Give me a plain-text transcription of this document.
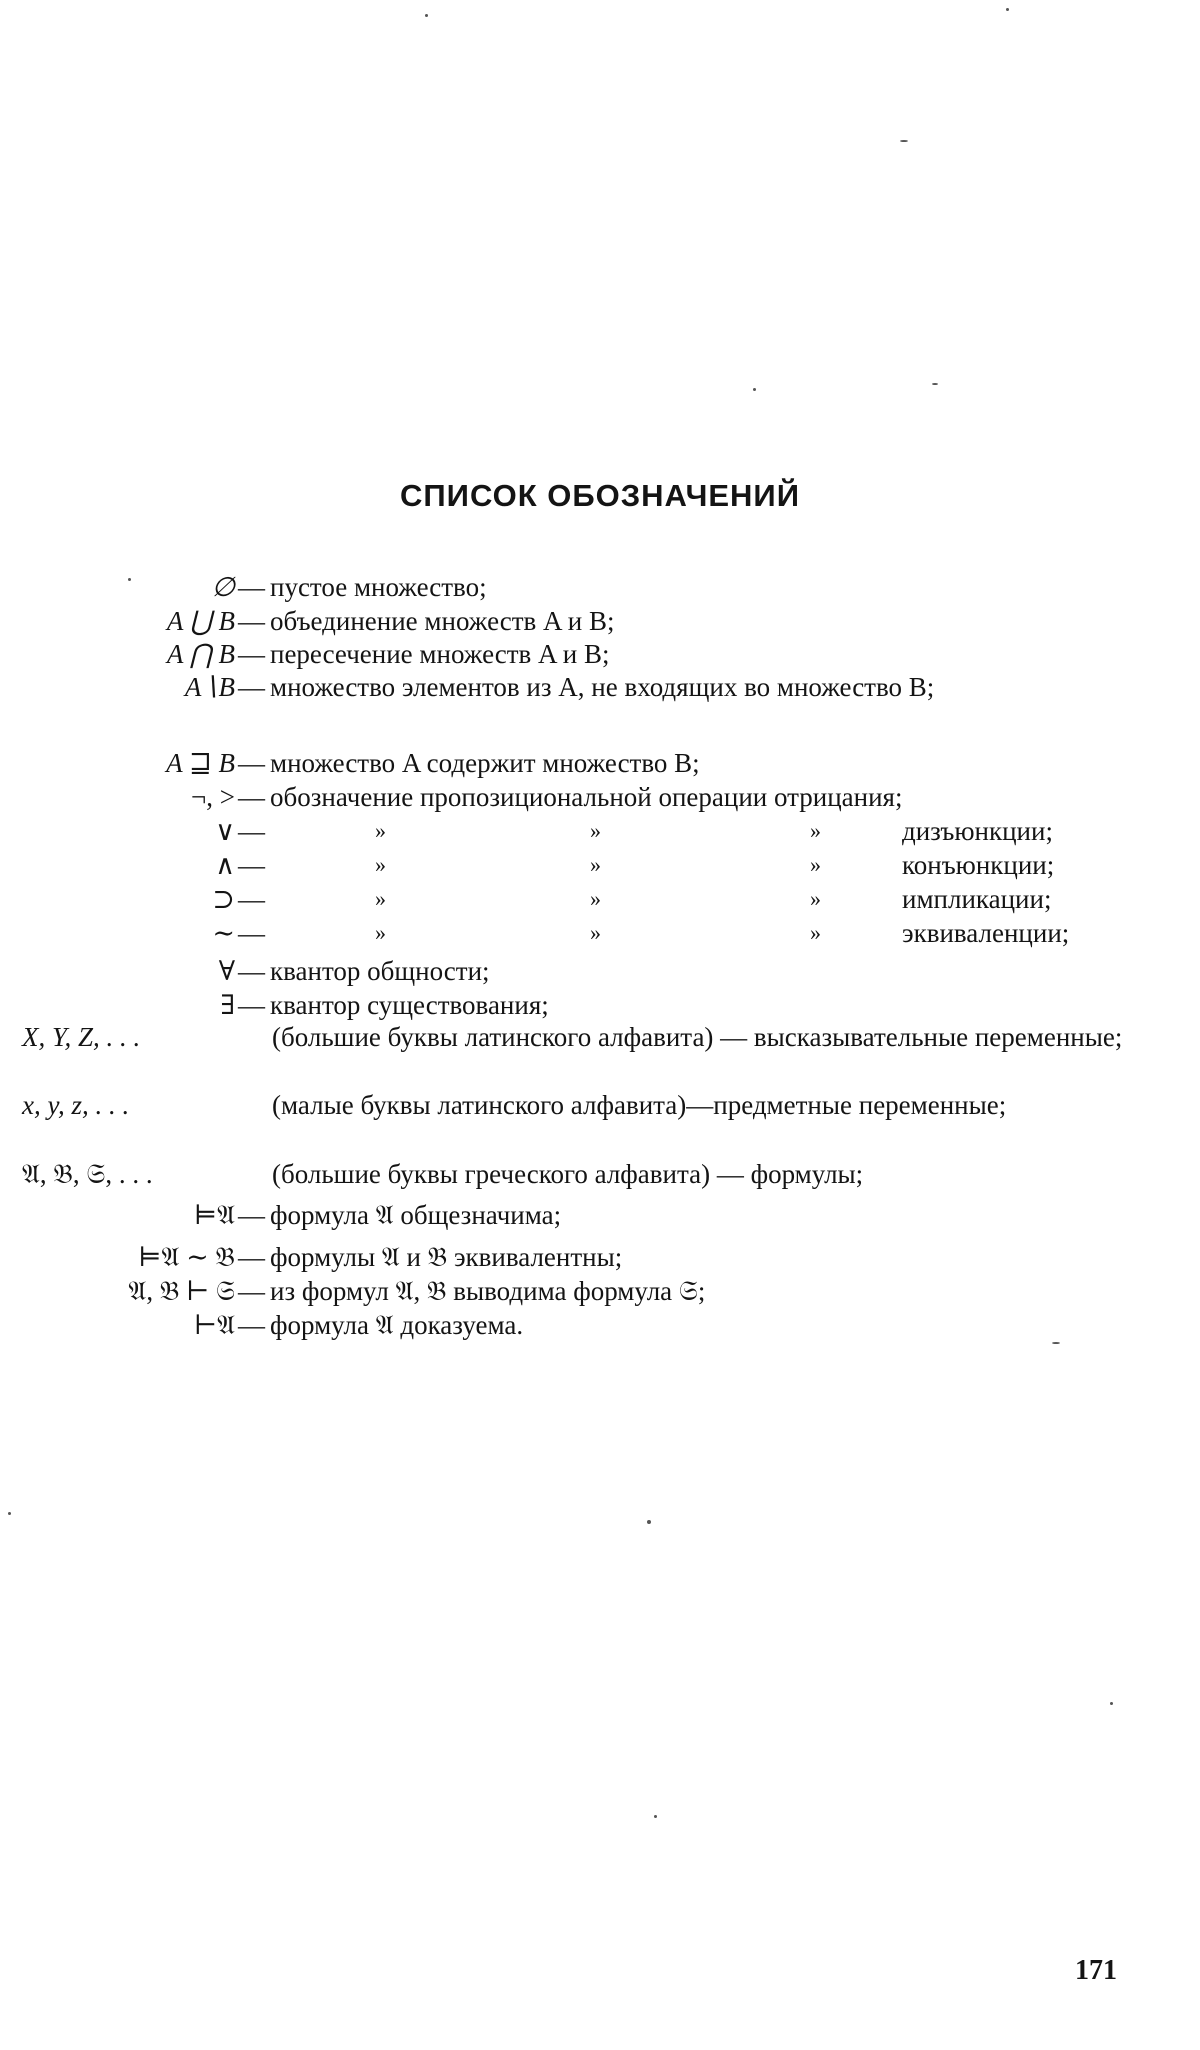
СПИСОК ОБОЗНАЧЕНИЙ
∅ — пустое множество;
A ⋃ B — объединение множеств A и B;
A ⋂ B — пересечение множеств A и B;
A∖B — множество элементов из A, не входящих во множество B;
A ⊒ B — множество A содержит множество B;
¬, > — обозначение пропозициональной операции отрицания;
∨ —	»	»	»	дизъюнкции;
∧ —	»	»	»	конъюнкции;
⊃ —	»	»	»	импликации;
∼ —	»	»	»	эквиваленции;
∀ — квантор общности;
∃ — квантор существования;
X, Y, Z, . . .	(большие буквы латинского алфавита) — высказывательные переменные;
x, y, z, . . .	(малые буквы латинского алфавита)—предметные переменные;
𝔄, 𝔅, 𝔖, . . .	(большие буквы греческого алфавита) — формулы;
⊨𝔄 — формула 𝔄 общезначима;
⊨𝔄 ∼ 𝔅 — формулы 𝔄 и 𝔅 эквивалентны;
𝔄, 𝔅 ⊢ 𝔖 — из формул 𝔄, 𝔅 выводима формула 𝔖;
⊢𝔄 — формула 𝔄 доказуема.
171
